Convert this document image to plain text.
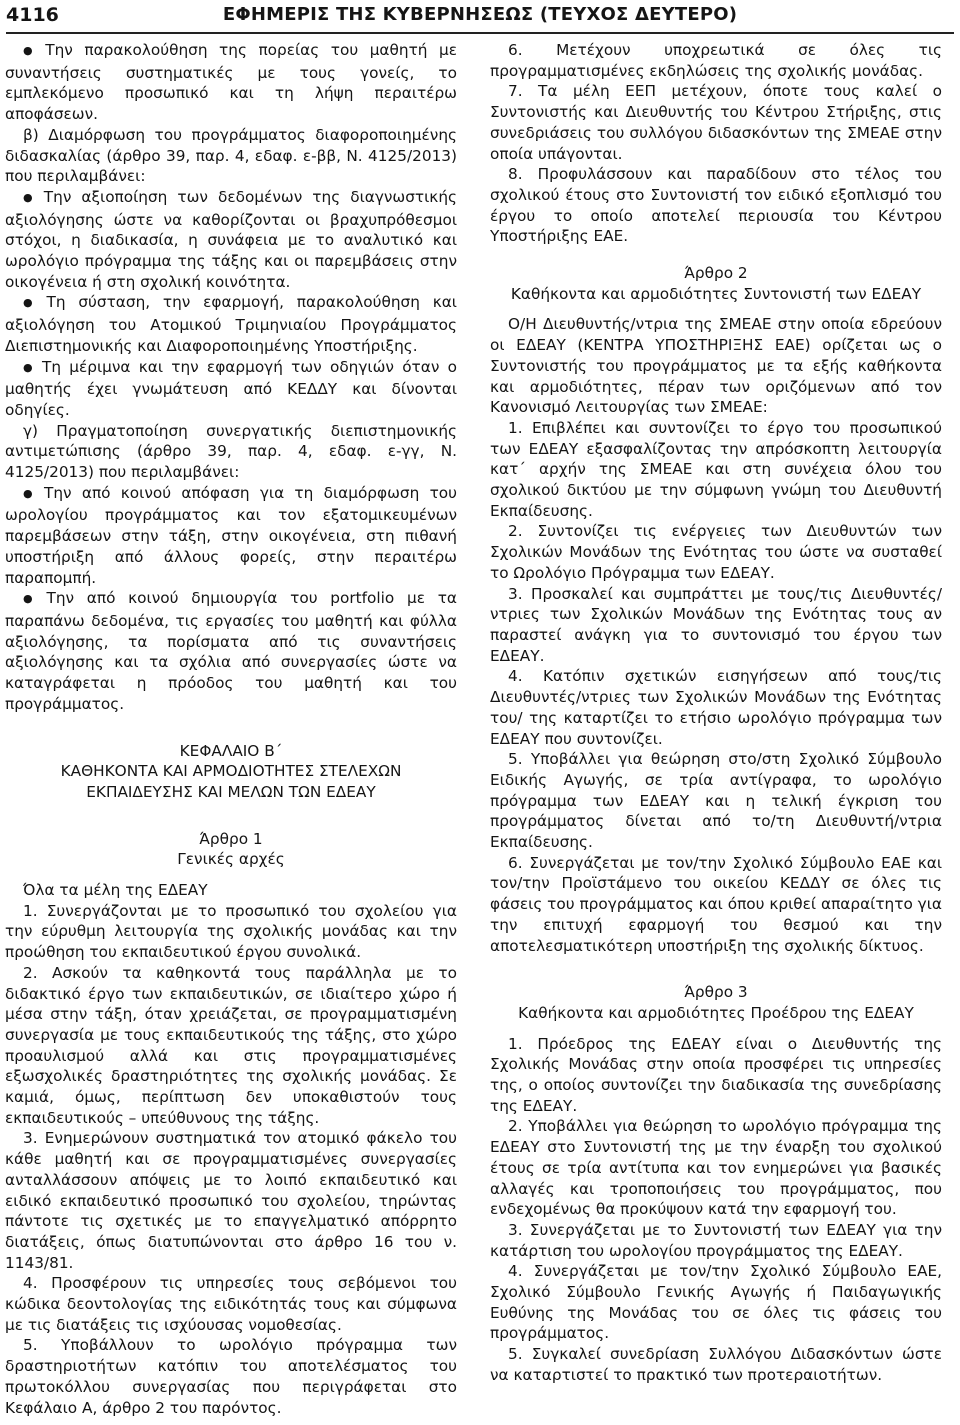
4116	ΕΦΗΜΕΡΙΣ ΤΗΣ ΚΥΒΕΡΝΗΣΕΩΣ (ΤΕΥΧΟΣ ΔΕΥΤΕΡΟ)

● Την παρακολούθηση της πορείας του μαθητή με συναντήσεις συστηματικές με τους γονείς, το εμπλεκόμενο προσωπικό και τη λήψη περαιτέρω αποφάσεων.

β) Διαμόρφωση του προγράμματος διαφοροποιημένης διδασκαλίας (άρθρο 39, παρ. 4, εδαφ. ε-ββ, Ν. 4125/2013) που περιλαμβάνει:

● Την αξιοποίηση των δεδομένων της διαγνωστικής αξιολόγησης ώστε να καθορίζονται οι βραχυπρόθεσμοι στόχοι, η διαδικασία, η συνάφεια με το αναλυτικό και ωρολόγιο πρόγραμμα της τάξης και οι παρεμβάσεις στην οικογένεια ή στη σχολική κοινότητα.

● Τη σύσταση, την εφαρμογή, παρακολούθηση και αξιολόγηση του Ατομικού Τριμηνιαίου Προγράμματος Διεπιστημονικής και Διαφοροποιημένης Υποστήριξης.

● Τη μέριμνα και την εφαρμογή των οδηγιών όταν ο μαθητής έχει γνωμάτευση από ΚΕΔΔΥ και δίνονται οδηγίες.

γ) Πραγματοποίηση συνεργατικής διεπιστημονικής αντιμετώπισης (άρθρο 39, παρ. 4, εδαφ. ε-γγ, Ν. 4125/2013) που περιλαμβάνει:

● Την από κοινού απόφαση για τη διαμόρφωση του ωρολογίου προγράμματος και τον εξατομικευμένων παρεμβάσεων στην τάξη, στην οικογένεια, στη πιθανή υποστήριξη από άλλους φορείς, στην περαιτέρω παραπομπή.

● Την από κοινού δημιουργία του portfolio με τα παραπάνω δεδομένα, τις εργασίες του μαθητή και φύλλα αξιολόγησης, τα πορίσματα από τις συναντήσεις αξιολόγησης και τα σχόλια από συνεργασίες ώστε να καταγράφεται η πρόοδος του μαθητή και του προγράμματος.

ΚΕΦΑΛΑΙΟ Β΄

ΚΑΘΗΚΟΝΤΑ ΚΑΙ ΑΡΜΟΔΙΟΤΗΤΕΣ ΣΤΕΛΕΧΩΝ

ΕΚΠΑΙΔΕΥΣΗΣ ΚΑΙ ΜΕΛΩΝ ΤΩΝ ΕΔΕΑΥ

Άρθρο 1

Γενικές αρχές

Όλα τα μέλη της ΕΔΕΑΥ

1. Συνεργάζονται με το προσωπικό του σχολείου για την εύρυθμη λειτουργία της σχολικής μονάδας και την προώθηση του εκπαιδευτικού έργου συνολικά.

2. Ασκούν τα καθηκοντά τους παράλληλα με το διδακτικό έργο των εκπαιδευτικών, σε ιδιαίτερο χώρο ή μέσα στην τάξη, όταν χρειάζεται, σε προγραμματισμένη συνεργασία με τους εκπαιδευτικούς της τάξης, στο χώρο προαυλισμού αλλά και στις προγραμματισμένες εξωσχολικές δραστηριότητες της σχολικής μονάδας. Σε καμιά, όμως, περίπτωση δεν υποκαθιστούν τους εκπαιδευτικούς – υπεύθυνους της τάξης.

3. Ενημερώνουν συστηματικά τον ατομικό φάκελο του κάθε μαθητή και σε προγραμματισμένες συνεργασίες ανταλλάσσουν απόψεις με το λοιπό εκπαιδευτικό και ειδικό εκπαιδευτικό προσωπικό του σχολείου, τηρώντας πάντοτε τις σχετικές με το επαγγελματικό απόρρητο διατάξεις, όπως διατυπώνονται στο άρθρο 16 του ν. 1143/81.

4. Προσφέρουν τις υπηρεσίες τους σεβόμενοι του κώδικα δεοντολογίας της ειδικότητάς τους και σύμφωνα με τις διατάξεις τις ισχύουσας νομοθεσίας.

5. Υποβάλλουν το ωρολόγιο πρόγραμμα των δραστηριοτήτων κατόπιν του αποτελέσματος του πρωτοκόλλου συνεργασίας που περιγράφεται στο Κεφάλαιο Α, άρθρο 2 του παρόντος.

6. Μετέχουν υποχρεωτικά σε όλες τις προγραμματισμένες εκδηλώσεις της σχολικής μονάδας.

7. Τα μέλη ΕΕΠ μετέχουν, όποτε τους καλεί ο Συντονιστής και Διευθυντής του Κέντρου Στήριξης, στις συνεδριάσεις του συλλόγου διδασκόντων της ΣΜΕΑΕ στην οποία υπάγονται.

8. Προφυλάσσουν και παραδίδουν στο τέλος του σχολικού έτους στο Συντονιστή τον ειδικό εξοπλισμό του έργου το οποίο αποτελεί περιουσία του Κέντρου Υποστήριξης ΕΑΕ.

Άρθρο 2

Καθήκοντα και αρμοδιότητες Συντονιστή των ΕΔΕΑΥ

Ο/Η Διευθυντής/ντρια της ΣΜΕΑΕ στην οποία εδρεύουν οι ΕΔΕΑΥ (ΚΕΝΤΡΑ ΥΠΟΣΤΗΡΙΞΗΣ ΕΑΕ) ορίζεται ως ο Συντονιστής του προγράμματος με τα εξής καθήκοντα και αρμοδιότητες, πέραν των οριζόμενων από τον Κανονισμό Λειτουργίας των ΣΜΕΑΕ:

1. Επιβλέπει και συντονίζει το έργο του προσωπικού των ΕΔΕΑΥ εξασφαλίζοντας την απρόσκοπτη λειτουργία κατ΄ αρχήν της ΣΜΕΑΕ και στη συνέχεια όλου του σχολικού δικτύου με την σύμφωνη γνώμη του Διευθυντή Εκπαίδευσης.

2. Συντονίζει τις ενέργειες των Διευθυντών των Σχολικών Μονάδων της Ενότητας του ώστε να συσταθεί το Ωρολόγιο Πρόγραμμα των ΕΔΕΑΥ.

3. Προσκαλεί και συμπράττει με τους/τις Διευθυντές/ντριες των Σχολικών Μονάδων της Ενότητας τους αν παραστεί ανάγκη για το συντονισμό του έργου των ΕΔΕΑΥ.

4. Κατόπιν σχετικών εισηγήσεων από τους/τις Διευθυντές/ντριες των Σχολικών Μονάδων της Ενότητας του/ της καταρτίζει το ετήσιο ωρολόγιο πρόγραμμα των ΕΔΕΑΥ που συντονίζει.

5. Υποβάλλει για θεώρηση στο/στη Σχολικό Σύμβουλο Ειδικής Αγωγής, σε τρία αντίγραφα, το ωρολόγιο πρόγραμμα των ΕΔΕΑΥ και η τελική έγκριση του προγράμματος δίνεται από το/τη Διευθυντή/ντρια Εκπαίδευσης.

6. Συνεργάζεται με τον/την Σχολικό Σύμβουλο ΕΑΕ και τον/την Προϊστάμενο του οικείου ΚΕΔΔΥ σε όλες τις φάσεις του προγράμματος και όπου κριθεί απαραίτητο για την επιτυχή εφαρμογή του θεσμού και την αποτελεσματικότερη υποστήριξη της σχολικής δίκτυος.

Άρθρο 3

Καθήκοντα και αρμοδιότητες Προέδρου της ΕΔΕΑΥ

1. Πρόεδρος της ΕΔΕΑΥ είναι ο Διευθυντής της Σχολικής Μονάδας στην οποία προσφέρει τις υπηρεσίες της, ο οποίος συντονίζει την διαδικασία της συνεδρίασης της ΕΔΕΑΥ.

2. Υποβάλλει για θεώρηση το ωρολόγιο πρόγραμμα της ΕΔΕΑΥ στο Συντονιστή της με την έναρξη του σχολικού έτους σε τρία αντίτυπα και τον ενημερώνει για βασικές αλλαγές και τροποποιήσεις του προγράμματος, που ενδεχομένως θα προκύψουν κατά την εφαρμογή του.

3. Συνεργάζεται με το Συντονιστή των ΕΔΕΑΥ για την κατάρτιση του ωρολογίου προγράμματος της ΕΔΕΑΥ.

4. Συνεργάζεται με τον/την Σχολικό Σύμβουλο ΕΑΕ, Σχολικό Σύμβουλο Γενικής Αγωγής ή Παιδαγωγικής Ευθύνης της Μονάδας του σε όλες τις φάσεις του προγράμματος.

5. Συγκαλεί συνεδρίαση Συλλόγου Διδασκόντων ώστε να καταρτιστεί το πρακτικό των προτεραιοτήτων.
